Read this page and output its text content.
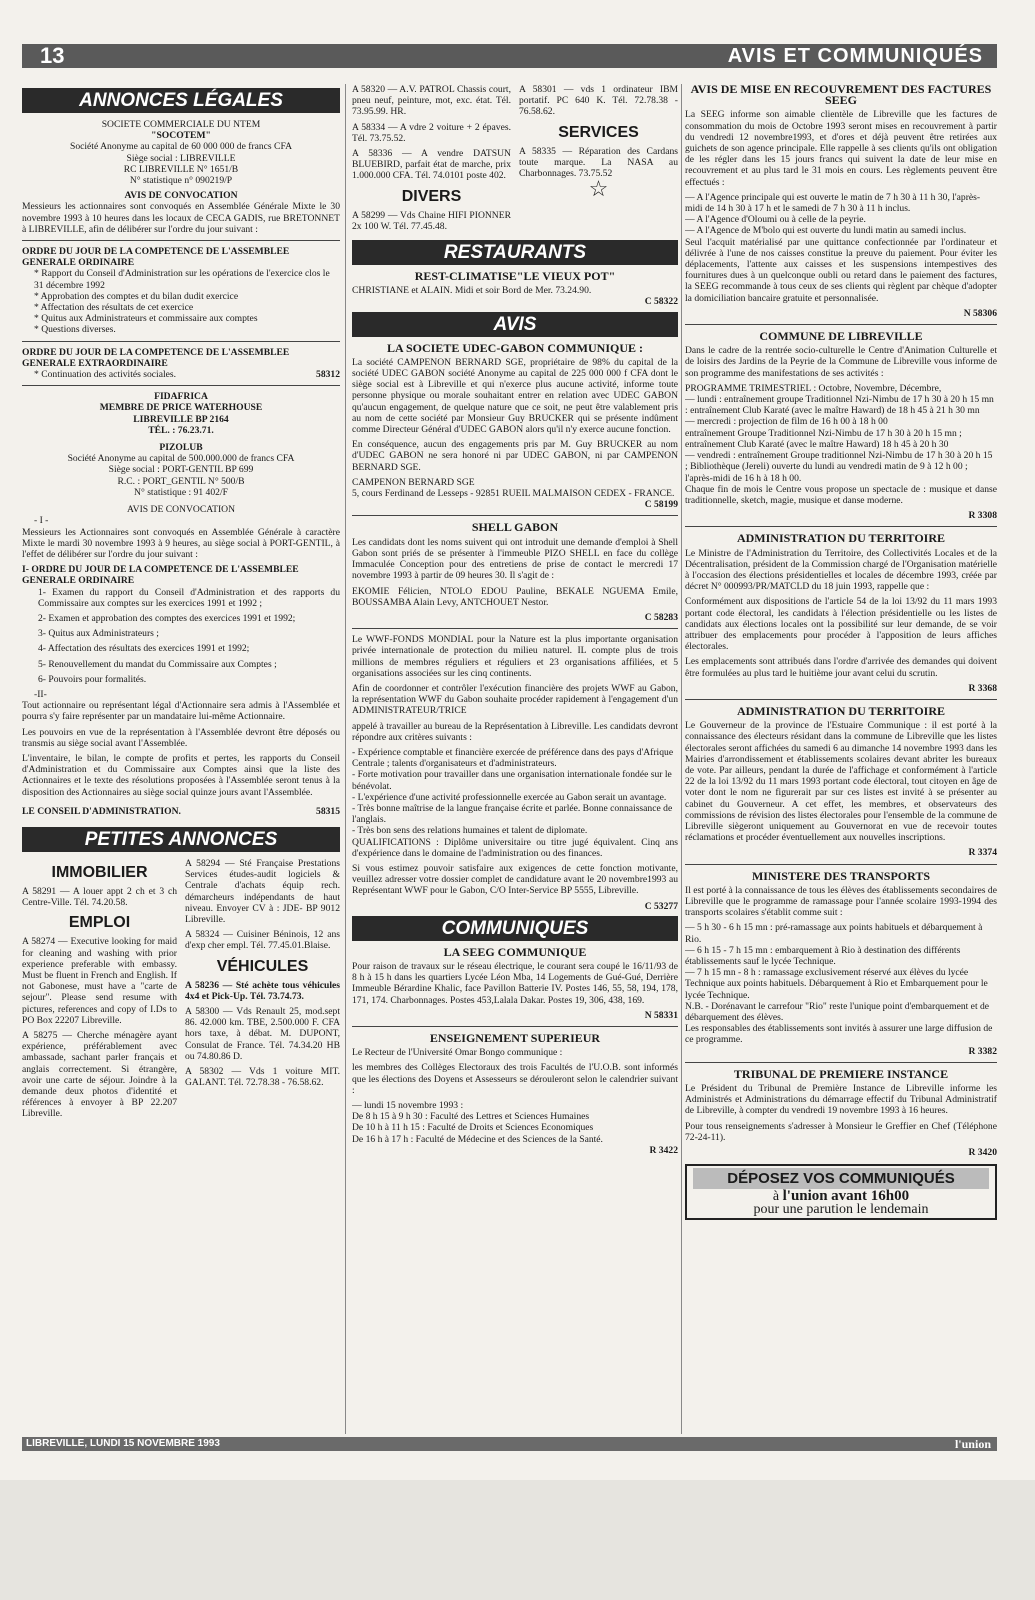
13	AVIS ET COMMUNIQUÉS
ANNONCES LÉGALES
SOCIETE COMMERCIALE DU NTEM
"SOCOTEM"
Société Anonyme au capital de 60 000 000 de francs CFA
Siège social : LIBREVILLE
RC LIBREVILLE N° 1651/B
N° statistique n° 090219/P
AVIS DE CONVOCATION

Messieurs les actionnaires sont convoqués en Assemblée Générale Mixte le 30 novembre 1993 à 10 heures dans les locaux de CECA GADIS, rue BRETONNET à LIBREVILLE, afin de délibérer sur l'ordre du jour suivant :

ORDRE DU JOUR DE LA COMPETENCE DE L'ASSEMBLEE GENERALE ORDINAIRE
* Rapport du Conseil d'Administration sur les opérations de l'exercice clos le 31 décembre 1992
* Approbation des comptes et du bilan dudit exercice
* Affectation des résultats de cet exercice
* Quitus aux Administrateurs et commissaire aux comptes
* Questions diverses.
ORDRE DU JOUR DE LA COMPETENCE DE L'ASSEMBLEE GENERALE EXTRAORDINAIRE
* Continuation des activités sociales.	58312
FIDAFRICA
MEMBRE DE PRICE WATERHOUSE
LIBREVILLE BP 2164
TÉL. : 76.23.71.
PIZOLUB
Société Anonyme au capital de 500.000.000 de francs CFA
Siège social : PORT-GENTIL BP 699
R.C. : PORT_GENTIL N° 500/B
N° statistique : 91 402/F
AVIS DE CONVOCATION
- I -

Messieurs les Actionnaires sont convoqués en Assemblée Générale à caractère Mixte le mardi 30 novembre 1993 à 9 heures, au siège social à PORT-GENTIL, à l'effet de délibérer sur l'ordre du jour suivant :

I- ORDRE DU JOUR DE LA COMPETENCE DE L'ASSEMBLEE GENERALE ORDINAIRE

1- Examen du rapport du Conseil d'Administration et des rapports du Commissaire aux comptes sur les exercices 1991 et 1992 ;

2- Examen et approbation des comptes des exercices 1991 et 1992;

3- Quitus aux Administrateurs ;

4- Affectation des résultats des exercices 1991 et 1992;

5- Renouvellement du mandat du Commissaire aux Comptes ;

6- Pouvoirs pour formalités.

-II-

Tout actionnaire ou représentant légal d'Actionnaire sera admis à l'Assemblée et pourra s'y faire représenter par un mandataire lui-même Actionnaire.

Les pouvoirs en vue de la représentation à l'Assemblée devront être déposés ou transmis au siège social avant l'Assemblée.

L'inventaire, le bilan, le compte de profits et pertes, les rapports du Conseil d'Administration et du Commissaire aux Comptes ainsi que la liste des Actionnaires et le texte des résolutions proposées à l'Assemblée seront tenus à la disposition des Actionnaires au siège social quinze jours avant l'Assemblée.

LE CONSEIL D'ADMINISTRATION.	58315
PETITES ANNONCES
IMMOBILIER

A 58291 — A louer appt 2 ch et 3 ch Centre-Ville. Tél. 74.20.58.

EMPLOI

A 58274 — Executive looking for maid for cleaning and washing with prior experience preferable with embassy. Must be fluent in French and English. If not Gabonese, must have a "carte de sejour". Please send resume with pictures, references and copy of I.Ds to PO Box 22207 Libreville.

A 58275 — Cherche ménagère ayant expérience, préférablement avec ambassade, sachant parler français et anglais correctement. Si étrangère, avoir une carte de séjour. Joindre à la demande deux photos d'identité et références à envoyer à BP 22.207 Libreville.

A 58294 — Sté Française Prestations Services études-audit logiciels & Centrale d'achats équip rech. démarcheurs indépendants de haut niveau. Envoyer CV à : JDE- BP 9012 Libreville.

A 58324 — Cuisiner Béninois, 12 ans d'exp cher empl. Tél. 77.45.01.Blaise.

VÉHICULES

A 58236 — Sté achète tous véhicules 4x4 et Pick-Up. Tél. 73.74.73.

A 58300 — Vds Renault 25, mod.sept 86. 42.000 km. TBE, 2.500.000 F. CFA hors taxe, à débat. M. DUPONT, Consulat de France. Tél. 74.34.20 HB ou 74.80.86 D.

A 58302 — Vds 1 voiture MIT. GALANT. Tél. 72.78.38 - 76.58.62.

A 58320 — A.V. PATROL Chassis court, pneu neuf, peinture, mot, exc. état. Tél. 73.95.99. HR.

A 58334 — A vdre 2 voiture + 2 épaves. Tél. 73.75.52.

A 58336 — A vendre DATSUN BLUEBIRD, parfait état de marche, prix 1.000.000 CFA. Tél. 74.0101 poste 402.

DIVERS

A 58299 — Vds Chaine HIFI PIONNER 2x 100 W. Tél. 77.45.48.

A 58301 — vds 1 ordinateur IBM portatif. PC 640 K. Tél. 72.78.38 - 76.58.62.

SERVICES

A 58335 — Réparation des Cardans toute marque. La NASA au Charbonnages. 73.75.52

☆
RESTAURANTS
REST-CLIMATISE"LE VIEUX POT"
CHRISTIANE et ALAIN. Midi et soir Bord de Mer. 73.24.90.
C 58322
AVIS
LA SOCIETE UDEC-GABON COMMUNIQUE :

La société CAMPENON BERNARD SGE, propriétaire de 98% du capital de la société UDEC GABON société Anonyme au capital de 225 000 000 f CFA dont le siège social est à Libreville et qui n'exerce plus aucune activité, informe toute personne physique ou morale souhaitant entrer en relation avec UDEC GABON qu'aucun engagement, de quelque nature que ce soit, ne peut être valablement pris au nom de cette société par Monsieur Guy BRUCKER qui se présente indûment comme Directeur Général d'UDEC GABON alors qu'il n'y exerce aucune fonction.

En conséquence, aucun des engagements pris par M. Guy BRUCKER au nom d'UDEC GABON ne sera honoré ni par UDEC GABON, ni par CAMPENON BERNARD SGE.

CAMPENON BERNARD SGE
5, cours Ferdinand de Lesseps - 92851 RUEIL MALMAISON CEDEX - FRANCE.
C 58199
SHELL GABON

Les candidats dont les noms suivent qui ont introduit une demande d'emploi à Shell Gabon sont priés de se présenter à l'immeuble PIZO SHELL en face du collège Immaculée Conception pour des entretiens de prise de contact le mercredi 17 novembre 1993 à partir de 09 heures 30. Il s'agit de :

EKOMIE Félicien, NTOLO EDOU Pauline, BEKALE NGUEMA Emile, BOUSSAMBA Alain Levy, ANTCHOUET Nestor.

C 58283

Le WWF-FONDS MONDIAL pour la Nature est la plus importante organisation privée internationale de protection du milieu naturel. IL compte plus de trois millions de membres réguliers et réguliers et 23 organisations affiliées, et 5 organisations associées sur les cinq continents.

Afin de coordonner et contrôler l'exécution financière des projets WWF au Gabon, la représentation WWF du Gabon souhaite procéder rapidement à l'engagement d'un ADMINISTRATEUR/TRICE

appelé à travailler au bureau de la Représentation à Libreville. Les candidats devront répondre aux critères suivants :

- Expérience comptable et financière exercée de préférence dans des pays d'Afrique Centrale ; talents d'organisateurs et d'administrateurs.
- Forte motivation pour travailler dans une organisation internationale fondée sur le bénévolat.
- L'expérience d'une activité professionnelle exercée au Gabon serait un avantage.
- Très bonne maîtrise de la langue française écrite et parlée. Bonne connaissance de l'anglais.
- Très bon sens des relations humaines et talent de diplomate.

QUALIFICATIONS : Diplôme universitaire ou titre jugé équivalent. Cinq ans d'expérience dans le domaine de l'administration ou des finances.

Si vous estimez pouvoir satisfaire aux exigences de cette fonction motivante, veuillez adresser votre dossier complet de candidature avant le 20 novembre1993 au Représentant WWF pour le Gabon, C/O Inter-Service BP 5555, Libreville.

C 53277
COMMUNIQUES
LA SEEG COMMUNIQUE

Pour raison de travaux sur le réseau électrique, le courant sera coupé le 16/11/93 de 8 h à 15 h dans les quartiers Lycée Léon Mba, 14 Logements de Gué-Gué, Derrière Immeuble Bérardine Khalic, face Pavillon Batterie IV. Postes 146, 55, 58, 194, 178, 171, 174. Charbonnages. Postes 453,Lalala Dakar. Postes 19, 306, 438, 169.

N 58331
ENSEIGNEMENT SUPERIEUR

Le Recteur de l'Université Omar Bongo communique :

les membres des Collèges Electoraux des trois Facultés de l'U.O.B. sont informés que les élections des Doyens et Assesseurs se dérouleront selon le calendrier suivant :

— lundi 15 novembre 1993 :
De 8 h 15 à 9 h 30 : Faculté des Lettres et Sciences Humaines
De 10 h à 11 h 15 : Faculté de Droits et Sciences Economiques
De 16 h à 17 h : Faculté de Médecine et des Sciences de la Santé.
R 3422
AVIS DE MISE EN RECOUVREMENT DES FACTURES SEEG

La SEEG informe son aimable clientèle de Libreville que les factures de consommation du mois de Octobre 1993 seront mises en recouvrement à partir du vendredi 12 novembre1993, et d'ores et déjà peuvent être retirées aux guichets de son agence principale. Elle rappelle à ses clients qu'ils ont obligation de les régler dans les 15 jours francs qui suivent la date de leur mise en recouvrement et au plus tard le 31 mois en cours. Les règlements peuvent être effectués :

— A l'Agence principale qui est ouverte le matin de 7 h 30 à 11 h 30, l'après-midi de 14 h 30 à 17 h et le samedi de 7 h 30 à 11 h inclus.
— A l'Agence d'Oloumi ou à celle de la peyrie.
— A l'Agence de M'bolo qui est ouverte du lundi matin au samedi inclus.

Seul l'acquit matérialisé par une quittance confectionnée par l'ordinateur et délivrée à l'une de nos caisses constitue la preuve du paiement. Pour éviter les déplacements, l'attente aux caisses et les suspensions intempestives des fournitures dues à un quelconque oubli ou retard dans le paiement des factures, la SEEG recommande à tous ceux de ses clients qui règlent par chèque d'adopter la domiciliation bancaire gratuite et personnalisée.

N 58306
COMMUNE DE LIBREVILLE

Dans le cadre de la rentrée socio-culturelle le Centre d'Animation Culturelle et de loisirs des Jardins de la Peyrie de la Commune de Libreville vous informe de son programme des manifestations de ses activités :

PROGRAMME TRIMESTRIEL : Octobre, Novembre, Décembre,
— lundi : entraînement groupe Traditionnel Nzi-Nimbu de 17 h 30 à 20 h 15 mn : entraînement Club Karaté (avec le maître Haward) de 18 h 45 à 21 h 30 mn
— mercredi : projection de film de 16 h 00 à 18 h 00
entraînement Groupe Traditionnel Nzi-Nimbu de 17 h 30 à 20 h 15 mn ; entraînement Club Karaté (avec le maître Haward) 18 h 45 à 20 h 30
— vendredi : entraînement Groupe traditionnel Nzi-Nimbu de 17 h 30 à 20 h 15 ; Bibliothèque (Jereli) ouverte du lundi au vendredi matin de 9 à 12 h 00 ; l'après-midi de 16 h à 18 h 00.

Chaque fin de mois le Centre vous propose un spectacle de : musique et danse traditionnelle, sketch, magie, musique et danse moderne.

R 3308
ADMINISTRATION DU TERRITOIRE

Le Ministre de l'Administration du Territoire, des Collectivités Locales et de la Décentralisation, président de la Commission chargé de l'Organisation matérielle à l'occasion des élections présidentielles et locales de décembre 1993, créée par décret N° 000993/PR/MATCLD du 18 juin 1993, rappelle que :

Conformément aux dispositions de l'article 54 de la loi 13/92 du 11 mars 1993 portant code électoral, les candidats à l'élection présidentielle ou les listes de candidats aux élections locales ont la possibilité sur leur demande, de se voir attribuer des emplacements pour procéder à l'apposition de leurs affiches électorales.

Les emplacements sont attribués dans l'ordre d'arrivée des demandes qui doivent être formulées au plus tard le huitième jour avant celui du scrutin.

R 3368
ADMINISTRATION DU TERRITOIRE

Le Gouverneur de la province de l'Estuaire Communique : il est porté à la connaissance des électeurs résidant dans la commune de Libreville que les listes électorales seront affichées du samedi 6 au dimanche 14 novembre 1993 dans les Mairies d'arrondissement et établissements scolaires devant abriter les bureaux de vote. Par ailleurs, pendant la durée de l'affichage et conformément à l'article 22 de la loi 13/92 du 11 mars 1993 portant code électoral, tout citoyen en âge de voter dont le nom ne figurerait par sur ces listes est invité à se présenter au cabinet du Gouverneur. A cet effet, les membres, et observateurs des commissions de révision des listes électorales pour l'ensemble de la commune de Libreville siègeront uniquement au Gouvernorat en vue de recevoir toutes réclamations et procéder éventuellement aux nouvelles inscriptions.

R 3374
MINISTERE DES TRANSPORTS

Il est porté à la connaissance de tous les élèves des établissements secondaires de Libreville que le programme de ramassage pour l'année scolaire 1993-1994 des transports scolaires s'établit comme suit :

— 5 h 30 - 6 h 15 mn : pré-ramassage aux points habituels et débarquement à Rio.
— 6 h 15 - 7 h 15 mn : embarquement à Rio à destination des différents établissements sauf le lycée Technique.
— 7 h 15 mn - 8 h : ramassage exclusivement réservé aux élèves du lycée Technique aux points habituels. Débarquement à Rio et Embarquement pour le lycée Technique.
N.B. - Dorénavant le carrefour "Rio" reste l'unique point d'embarquement et de débarquement des élèves.
Les responsables des établissements sont invités à assurer une large diffusion de ce programme.
R 3382
TRIBUNAL DE PREMIERE INSTANCE

Le Président du Tribunal de Première Instance de Libreville informe les Administrés et Administrations du démarrage effectif du Tribunal Administratif de Libreville, à compter du vendredi 19 novembre 1993 à 16 heures.

Pour tous renseignements s'adresser à Monsieur le Greffier en Chef (Téléphone 72-24-11).

R 3420
DÉPOSEZ VOS COMMUNIQUÉS
à l'union avant 16h00
pour une parution le lendemain
LIBREVILLE, LUNDI 15 NOVEMBRE 1993	l'union
